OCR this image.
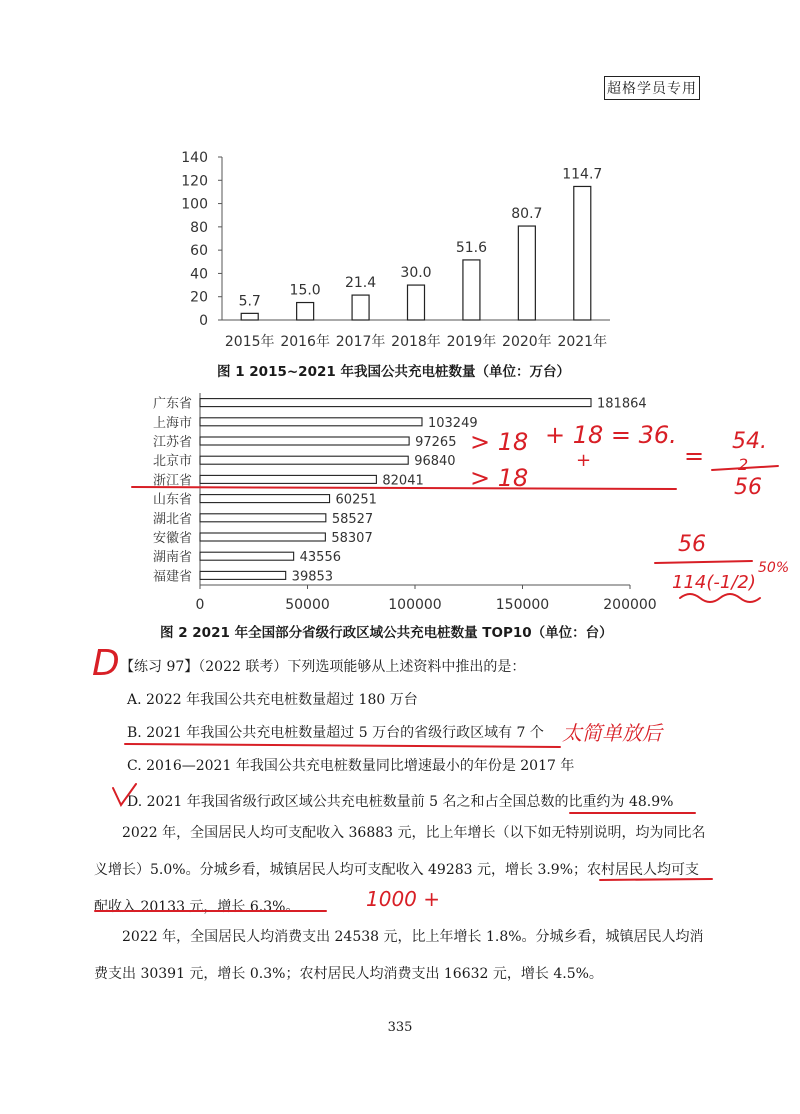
超格学员专用
0
20
40
60
80
100
120
140
5.7
2015年
15.0
2016年
21.4
2017年
30.0
2018年
51.6
2019年
80.7
2020年
114.7
2021年
图 1 2015~2021 年我国公共充电桩数量（单位：万台）
0	50000	100000	150000	200000
181864
广东省
103249
上海市
97265
江苏省
96840
北京市
82041
浙江省
60251
山东省
58527
湖北省
58307
安徽省
43556
湖南省
39853
福建省
图 2 2021 年全国部分省级行政区域公共充电桩数量 TOP10（单位：台）
【练习 97】（2022 联考）下列选项能够从上述资料中推出的是：
A. 2022 年我国公共充电桩数量超过 180 万台
B. 2021 年我国公共充电桩数量超过 5 万台的省级行政区域有 7 个
C. 2016—2021 年我国公共充电桩数量同比增速最小的年份是 2017 年
D. 2021 年我国省级行政区域公共充电桩数量前 5 名之和占全国总数的比重约为 48.9%
2022 年，全国居民人均可支配收入 36883 元，比上年增长（以下如无特别说明，均为同比名义增长）5.0%。分城乡看，城镇居民人均可支配收入 49283 元，增长 3.9%；农村居民人均可支配收入 20133 元，增长 6.3%。
2022 年，全国居民人均消费支出 24538 元，比上年增长 1.8%。分城乡看，城镇居民人均消费支出 30391 元，增长 0.3%；农村居民人均消费支出 16632 元，增长 4.5%。
335
D
> 18 + 18 = 36.
+
> 18
=
54.
2
56
56
114(-1/2)
50%
太简单放后
1000 +
